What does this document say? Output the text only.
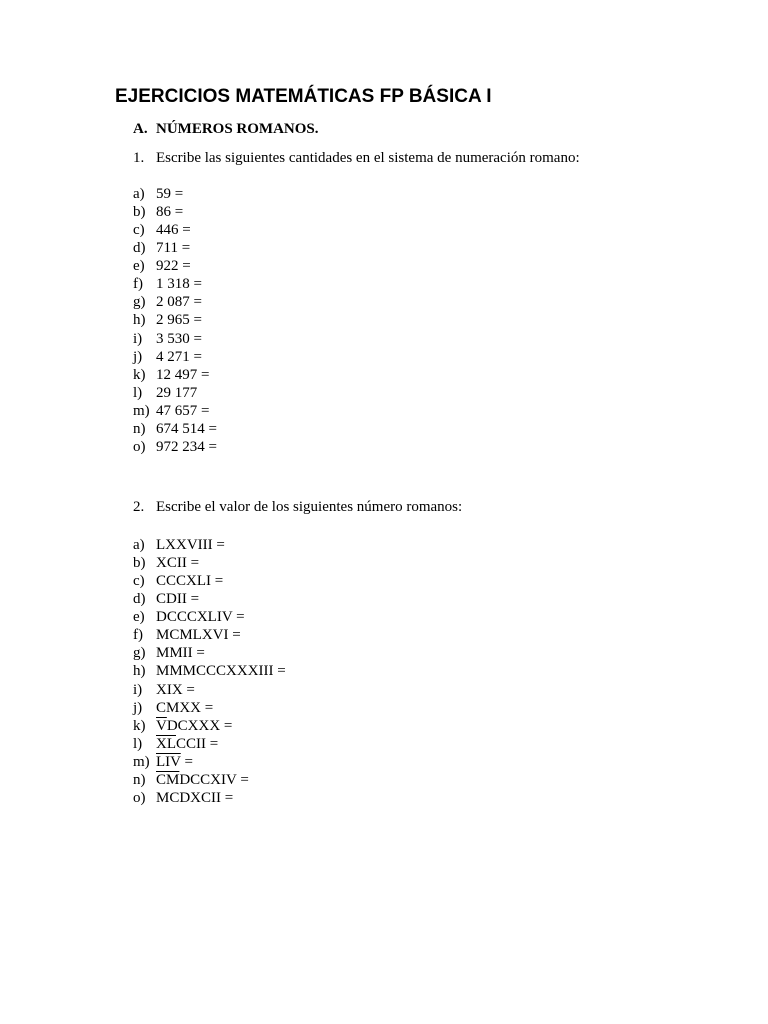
EJERCICIOS MATEMÁTICAS FP BÁSICA I
A. NÚMEROS ROMANOS.
1. Escribe las siguientes cantidades en el sistema de numeración romano:
a) 59 =
b) 86 =
c) 446 =
d) 711 =
e) 922 =
f) 1 318 =
g) 2 087 =
h) 2 965 =
i) 3 530 =
j) 4 271 =
k) 12 497 =
l) 29 177
m) 47 657 =
n) 674 514 =
o) 972 234 =
2. Escribe el valor de los siguientes número romanos:
a) LXXVIII =
b) XCII =
c) CCCXLI =
d) CDII =
e) DCCCXLIV =
f) MCMLXVI =
g) MMII =
h) MMMCCCXXXIII =
i) XIX =
j) CMXX =
k) $\overline{V}DCXXX$ =
l) $\overline{XL}CCII$ =
m) $\overline{LIV}$ =
n) $\overline{CM}DCCXIV$ =
o) MCDXCII =
